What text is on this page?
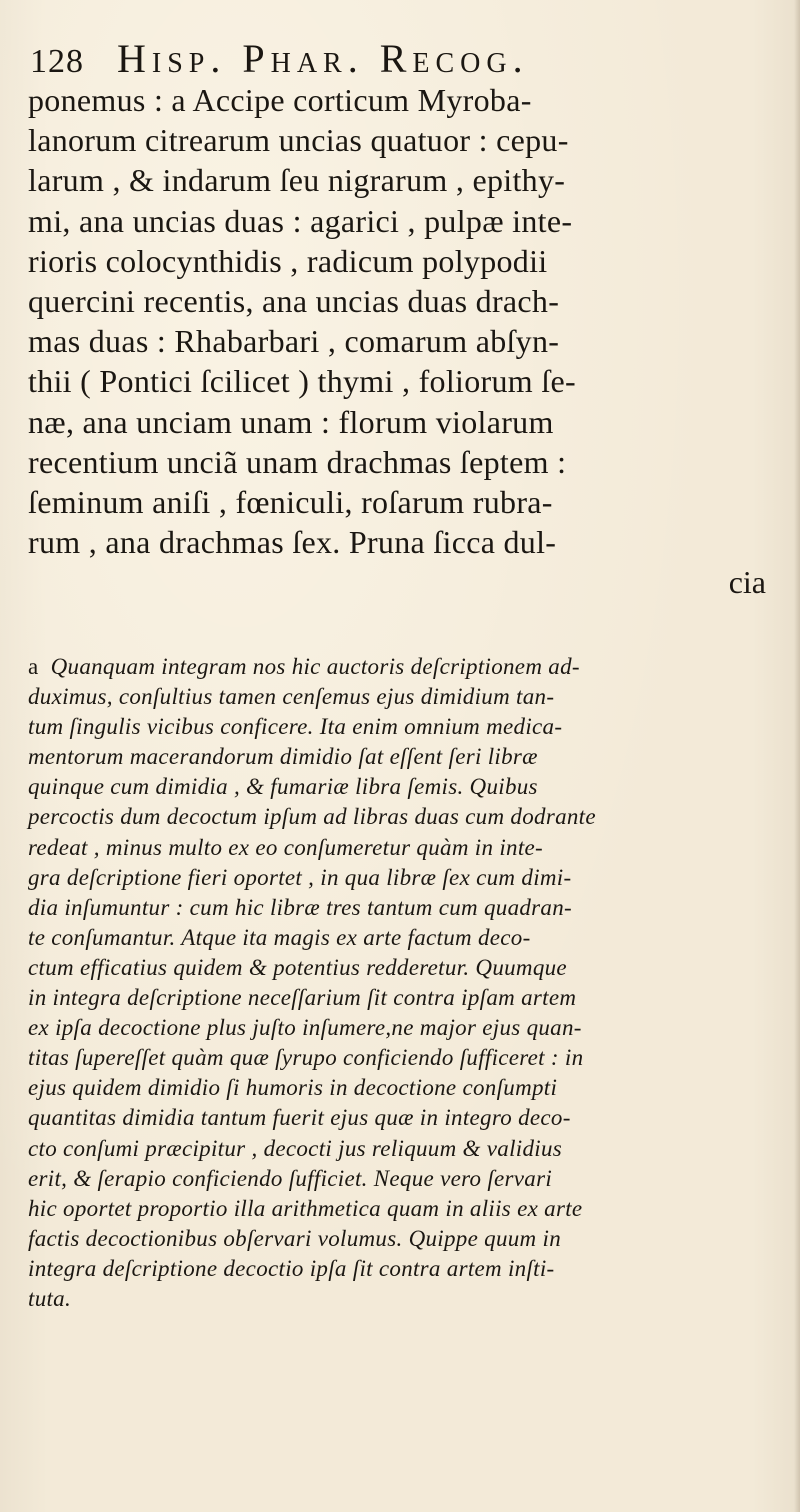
128 Hisp. Phar. Recog.
ponemus : a Accipe corticum Myroba-
lanorum citrearum uncias quatuor : cepu-
larum , & indarum ſeu nigrarum , epithy-
mi, ana uncias duas : agarici , pulpæ inte-
rioris colocynthidis , radicum polypodii
quercini recentis, ana uncias duas drach-
mas duas : Rhabarbari , comarum abſyn-
thii ( Pontici ſcilicet ) thymi , foliorum ſe-
næ, ana unciam unam : florum violarum
recentium unciã unam drachmas ſeptem :
ſeminum aniſi , fœniculi, roſarum rubra-
rum , ana drachmas ſex. Pruna ſicca dul-
cia
a Quanquam integram nos hic auctoris deſcriptionem ad-
duximus, conſultius tamen cenſemus ejus dimidium tan-
tum ſingulis vicibus conficere. Ita enim omnium medica-
mentorum macerandorum dimidio ſat eſſent ſeri libræ
quinque cum dimidia , & fumariæ libra ſemis. Quibus
percoctis dum decoctum ipſum ad libras duas cum dodrante
redeat , minus multo ex eo conſumeretur quàm in inte-
gra deſcriptione fieri oportet , in qua libræ ſex cum dimi-
dia inſumuntur : cum hic libræ tres tantum cum quadran-
te conſumantur. Atque ita magis ex arte factum deco-
ctum efficatius quidem & potentius redderetur. Quumque
in integra deſcriptione neceſſarium ſit contra ipſam artem
ex ipſa decoctione plus juſto inſumere,ne major ejus quan-
titas ſupereſſet quàm quæ ſyrupo conficiendo ſufficeret : in
ejus quidem dimidio ſi humoris in decoctione conſumpti
quantitas dimidia tantum fuerit ejus quæ in integro deco-
cto conſumi præcipitur , decocti jus reliquum & validius
erit, & ſerapio conficiendo ſufficiet. Neque vero ſervari
hic oportet proportio illa arithmetica quam in aliis ex arte
factis decoctionibus obſervari volumus. Quippe quum in
integra deſcriptione decoctio ipſa ſit contra artem inſti-
tuta.
